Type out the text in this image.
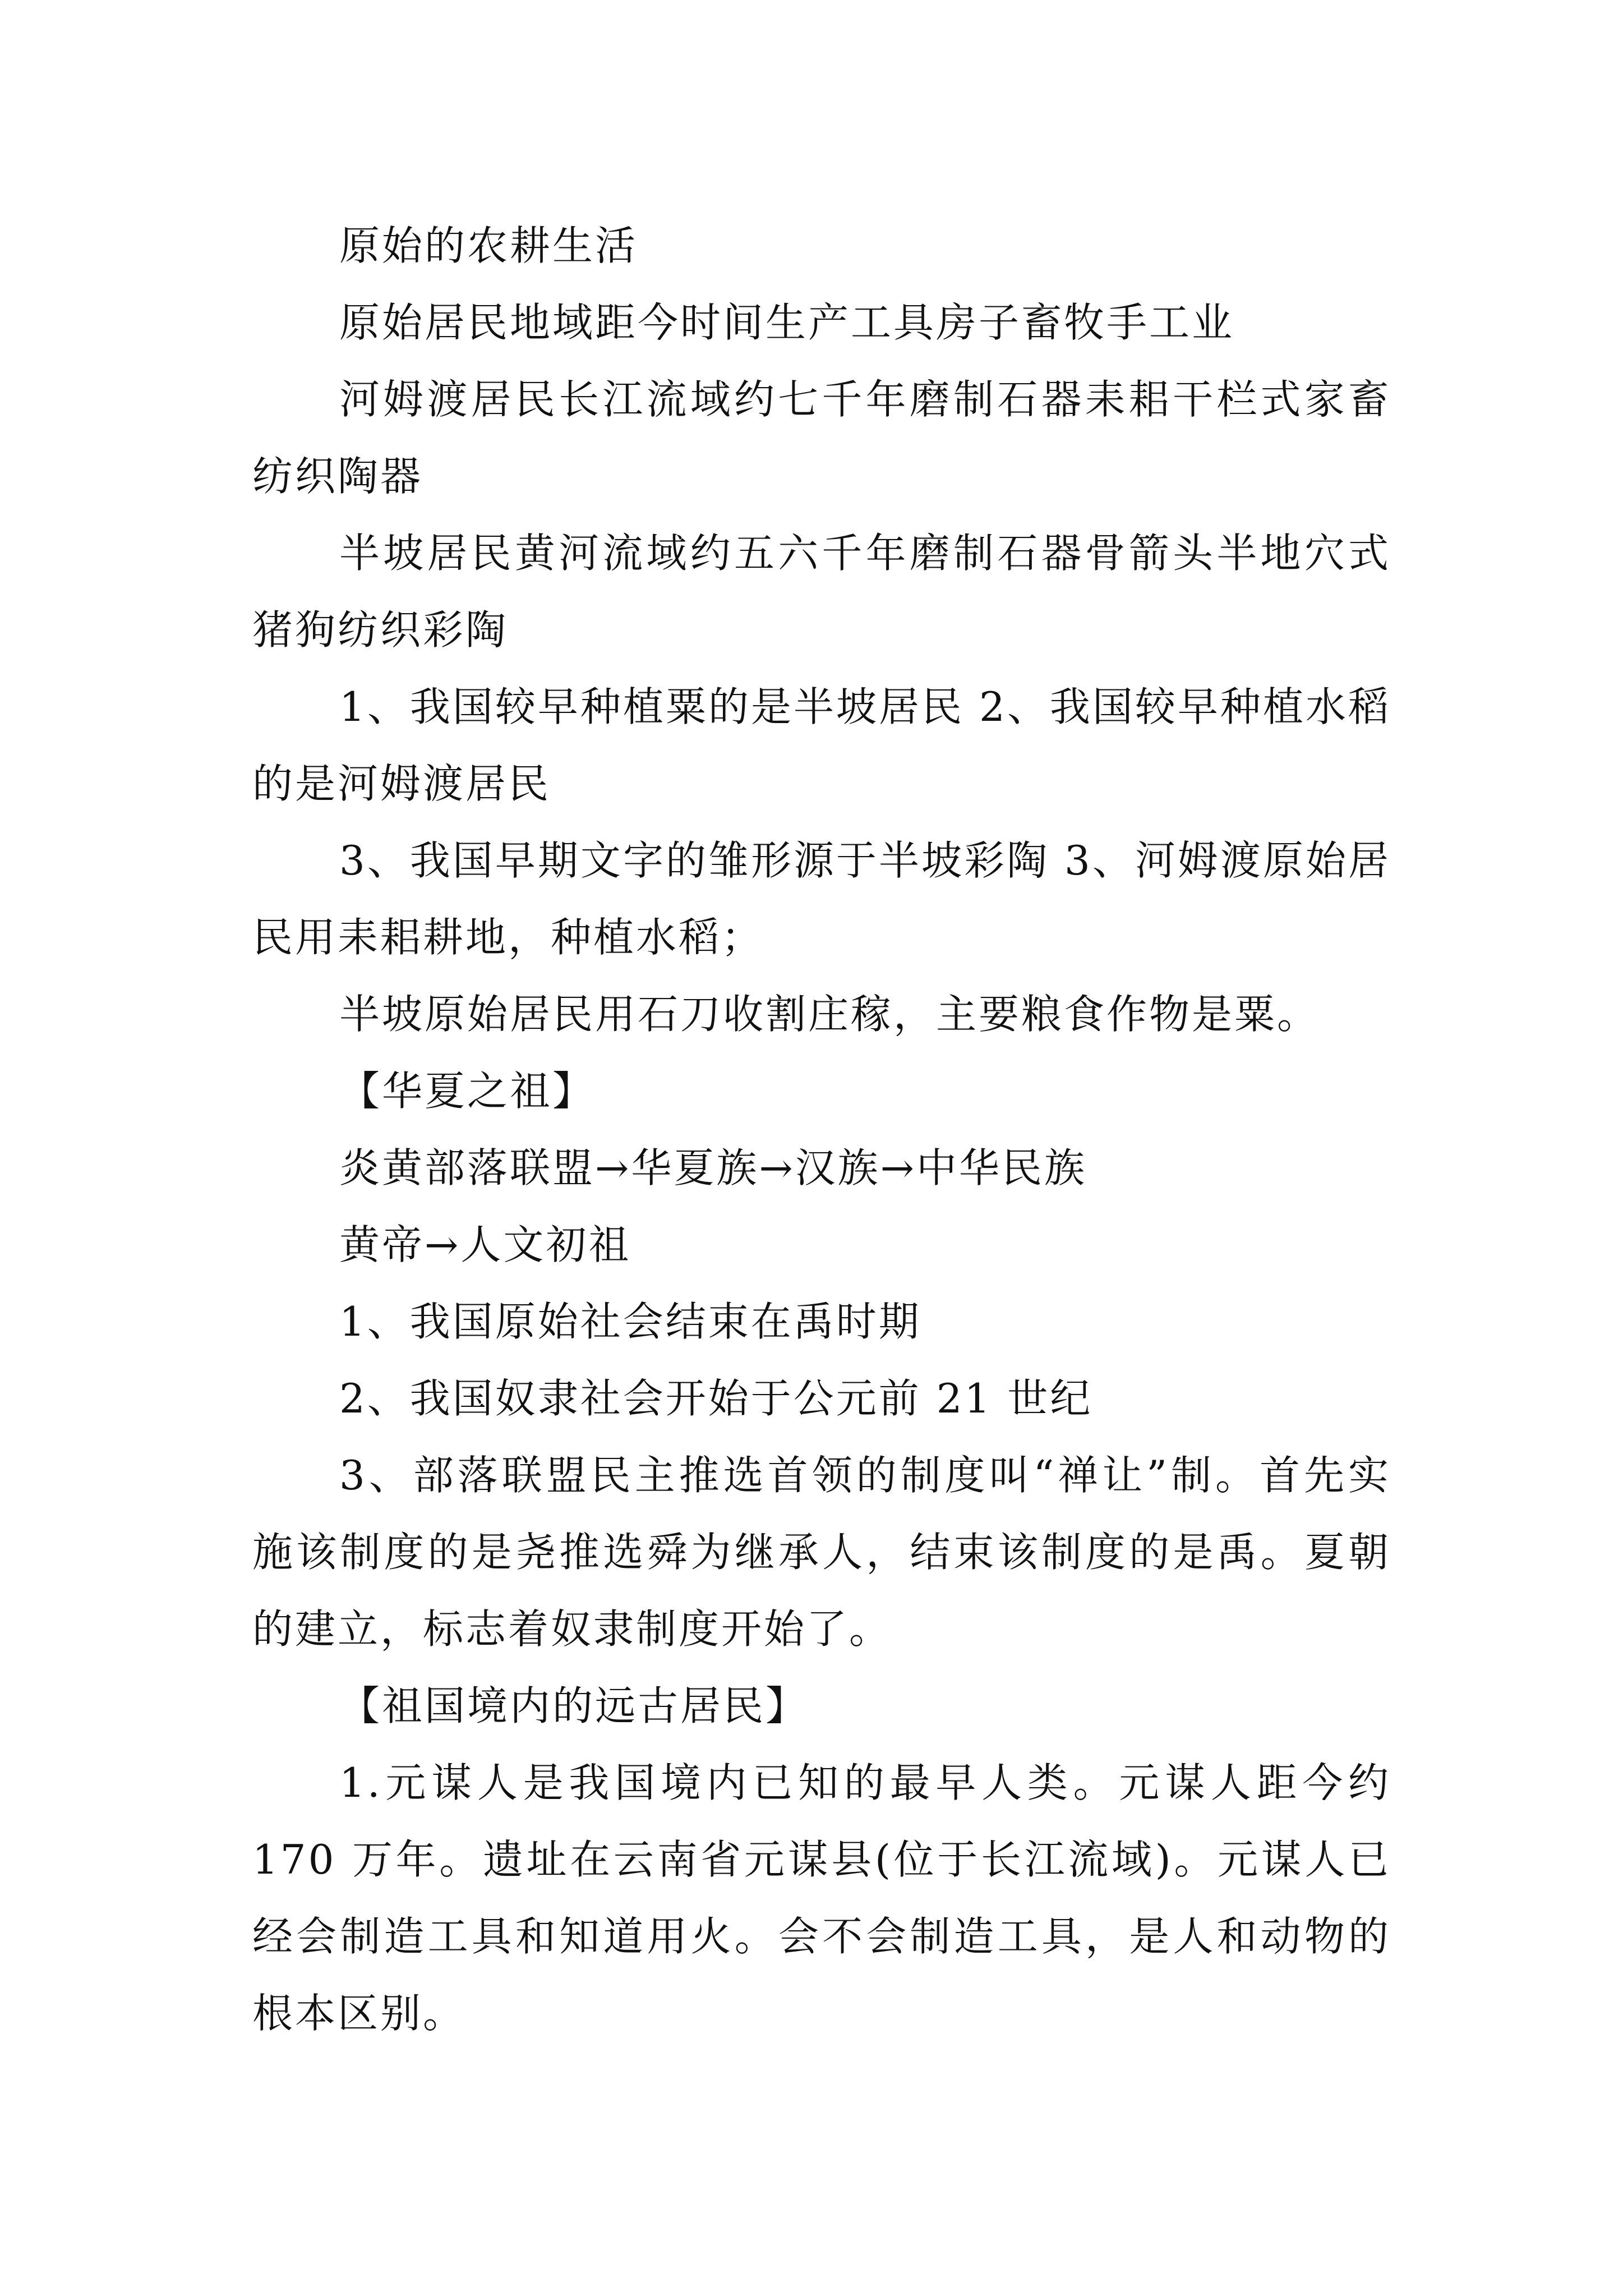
原始的农耕生活

原始居民地域距今时间生产工具房子畜牧手工业

河姆渡居民长江流域约七千年磨制石器耒耜干栏式家畜纺织陶器

半坡居民黄河流域约五六千年磨制石器骨箭头半地穴式猪狗纺织彩陶

1、我国较早种植粟的是半坡居民 2、我国较早种植水稻的是河姆渡居民

3、我国早期文字的雏形源于半坡彩陶 3、河姆渡原始居民用耒耜耕地，种植水稻；

半坡原始居民用石刀收割庄稼，主要粮食作物是粟。

【华夏之祖】

炎黄部落联盟→华夏族→汉族→中华民族

黄帝→人文初祖

1、我国原始社会结束在禹时期

2、我国奴隶社会开始于公元前 21 世纪

3、部落联盟民主推选首领的制度叫“禅让”制。首先实施该制度的是尧推选舜为继承人，结束该制度的是禹。夏朝的建立，标志着奴隶制度开始了。

【祖国境内的远古居民】

1.元谋人是我国境内已知的最早人类。元谋人距今约 170 万年。遗址在云南省元谋县(位于长江流域)。元谋人已经会制造工具和知道用火。会不会制造工具，是人和动物的根本区别。
